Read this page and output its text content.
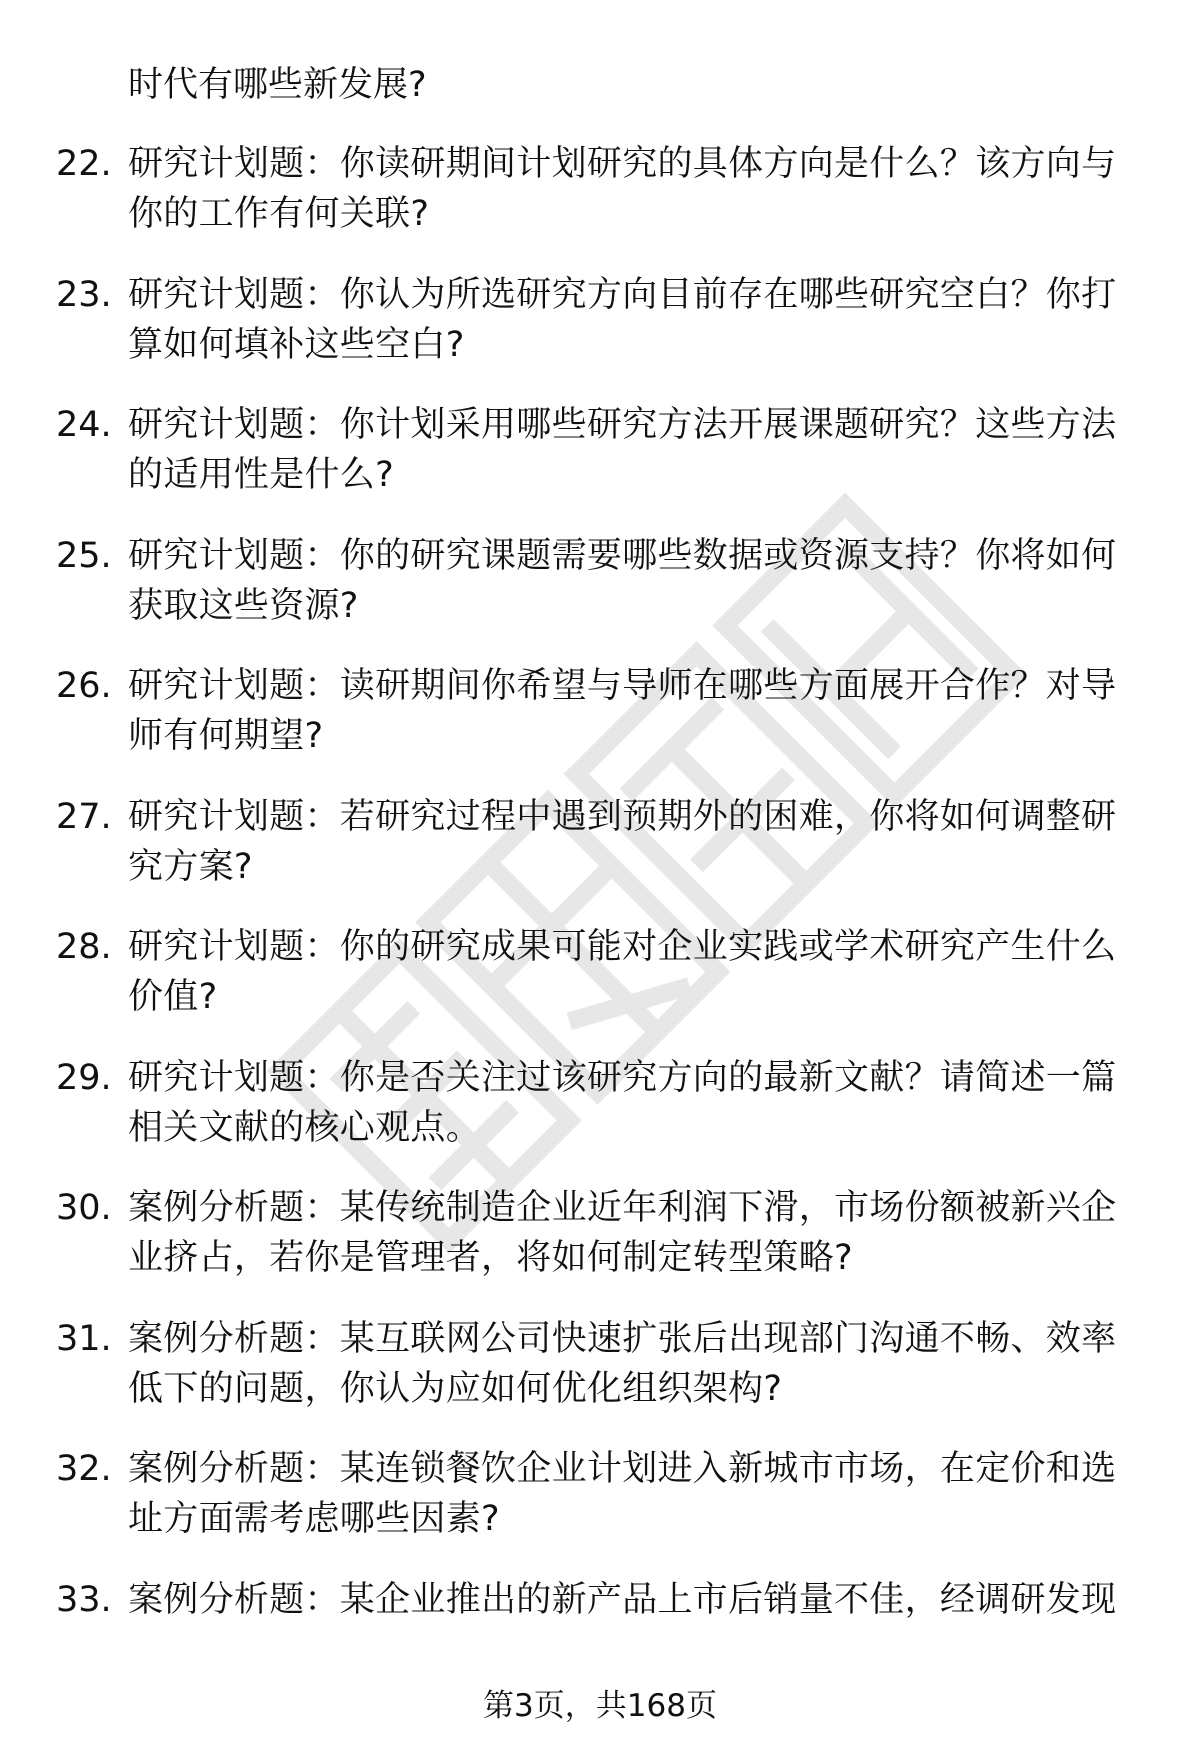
时代有哪些新发展?
22. 研究计划题：你读研期间计划研究的具体方向是什么？该方向与你的工作有何关联?
23. 研究计划题：你认为所选研究方向目前存在哪些研究空白？你打算如何填补这些空白?
24. 研究计划题：你计划采用哪些研究方法开展课题研究？这些方法的适用性是什么?
25. 研究计划题：你的研究课题需要哪些数据或资源支持？你将如何获取这些资源?
26. 研究计划题：读研期间你希望与导师在哪些方面展开合作？对导师有何期望?
27. 研究计划题：若研究过程中遇到预期外的困难，你将如何调整研究方案?
28. 研究计划题：你的研究成果可能对企业实践或学术研究产生什么价值?
29. 研究计划题：你是否关注过该研究方向的最新文献？请简述一篇相关文献的核心观点。
30. 案例分析题：某传统制造企业近年利润下滑，市场份额被新兴企业挤占，若你是管理者，将如何制定转型策略?
31. 案例分析题：某互联网公司快速扩张后出现部门沟通不畅、效率低下的问题，你认为应如何优化组织架构?
32. 案例分析题：某连锁餐饮企业计划进入新城市市场，在定价和选址方面需考虑哪些因素?
33. 案例分析题：某企业推出的新产品上市后销量不佳，经调研发现
第3页，共168页
